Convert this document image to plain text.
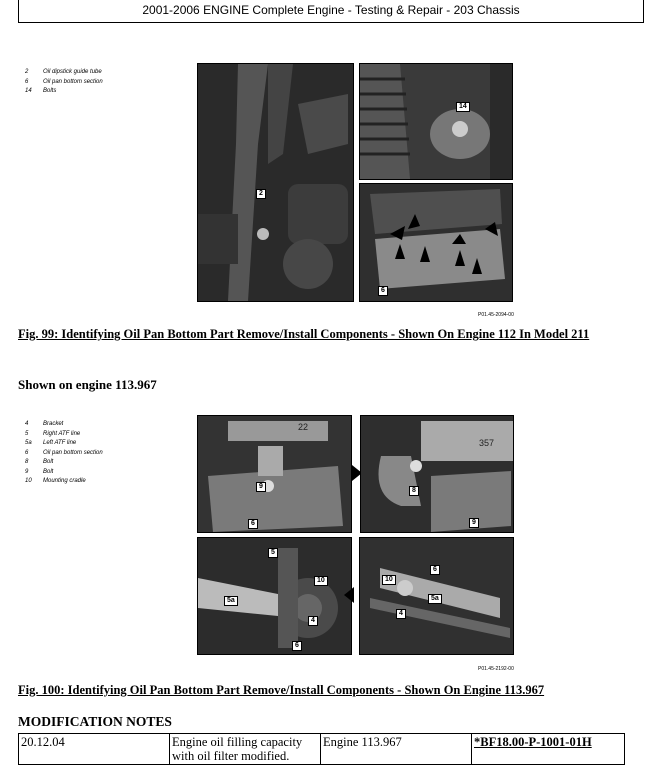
2001-2006 ENGINE Complete Engine - Testing & Repair - 203 Chassis
2	Oil dipstick guide tube
6	Oil pan bottom section
14	Bolts
2
14
6
P01.45-2094-00
Fig. 99: Identifying Oil Pan Bottom Part Remove/Install Components - Shown On Engine 112 In Model 211
Shown on engine 113.967
4	Bracket
5	Right ATF line
5a	Left ATF line
6	Oil pan bottom section
8	Bolt
9	Bolt
10	Mounting cradle
22
9
6
357
8
9
5
10
4
5a
6
10
6
5a
4
P01.45-2192-00
Fig. 100: Identifying Oil Pan Bottom Part Remove/Install Components - Shown On Engine 113.967
MODIFICATION NOTES
20.12.04	Engine oil filling capacity with oil filter modified.	Engine 113.967	*BF18.00-P-1001-01H
